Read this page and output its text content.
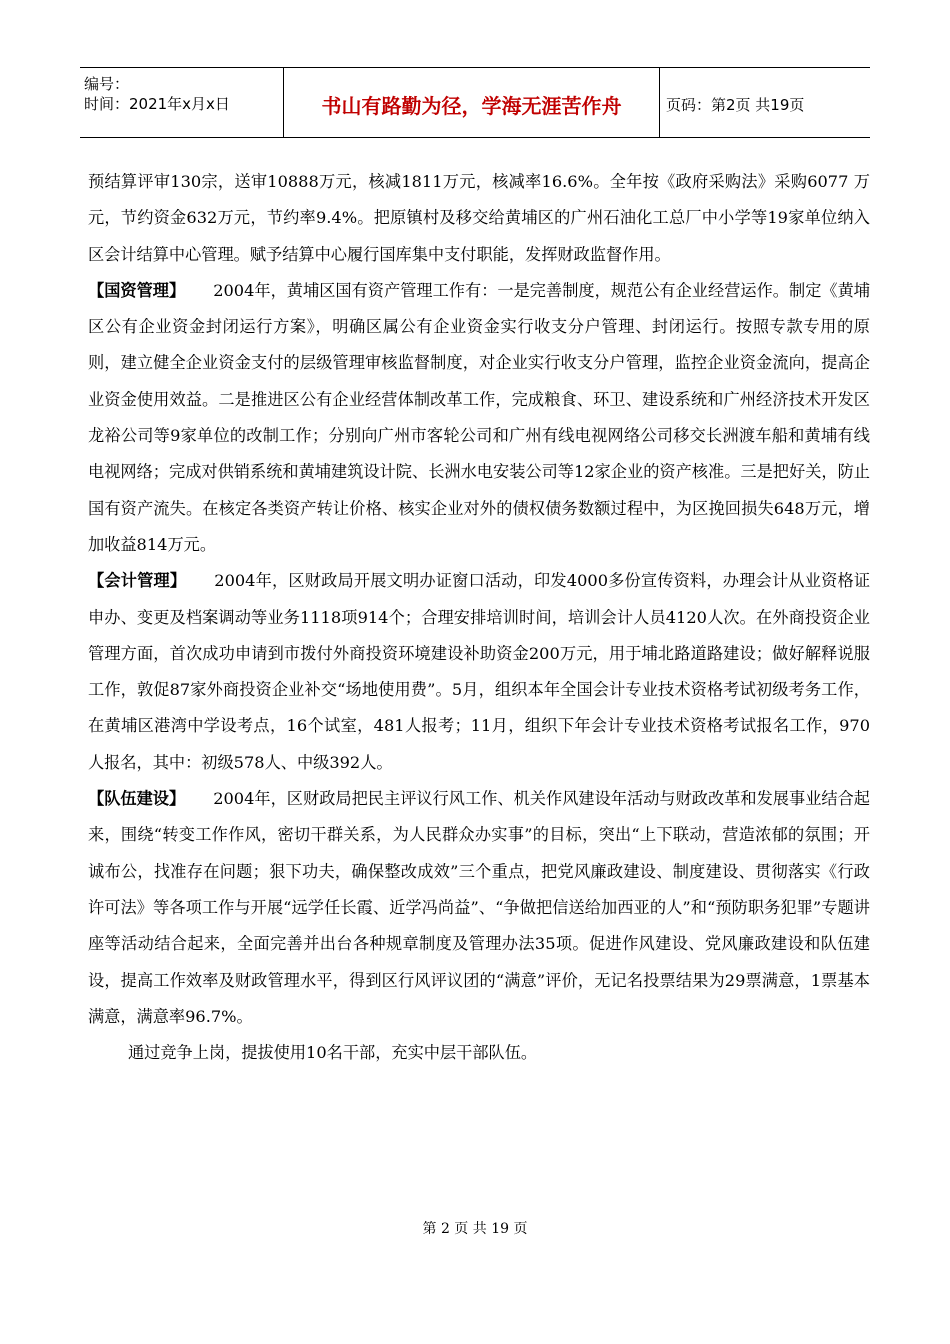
编号：
时间：2021年x月x日	书山有路勤为径，学海无涯苦作舟	页码：第2页 共19页

预结算评审130宗，送审10888万元，核减1811万元，核减率16.6%。全年按《政府采购法》采购6077 万元，节约资金632万元，节约率9.4%。把原镇村及移交给黄埔区的广州石油化工总厂中小学等19家单位纳入区会计结算中心管理。赋予结算中心履行国库集中支付职能，发挥财政监督作用。

【国资管理】 2004年，黄埔区国有资产管理工作有：一是完善制度，规范公有企业经营运作。制定《黄埔区公有企业资金封闭运行方案》，明确区属公有企业资金实行收支分户管理、封闭运行。按照专款专用的原则，建立健全企业资金支付的层级管理审核监督制度，对企业实行收支分户管理，监控企业资金流向，提高企业资金使用效益。二是推进区公有企业经营体制改革工作，完成粮食、环卫、建设系统和广州经济技术开发区龙裕公司等9家单位的改制工作；分别向广州市客轮公司和广州有线电视网络公司移交长洲渡车船和黄埔有线电视网络；完成对供销系统和黄埔建筑设计院、长洲水电安装公司等12家企业的资产核准。三是把好关，防止国有资产流失。在核定各类资产转让价格、核实企业对外的债权债务数额过程中，为区挽回损失648万元，增加收益814万元。

【会计管理】 2004年，区财政局开展文明办证窗口活动，印发4000多份宣传资料，办理会计从业资格证申办、变更及档案调动等业务1118项914个；合理安排培训时间，培训会计人员4120人次。在外商投资企业管理方面，首次成功申请到市拨付外商投资环境建设补助资金200万元，用于埔北路道路建设；做好解释说服工作，敦促87家外商投资企业补交“场地使用费”。5月，组织本年全国会计专业技术资格考试初级考务工作，在黄埔区港湾中学设考点，16个试室，481人报考；11月，组织下年会计专业技术资格考试报名工作，970人报名，其中：初级578人、中级392人。

【队伍建设】 2004年，区财政局把民主评议行风工作、机关作风建设年活动与财政改革和发展事业结合起来，围绕“转变工作作风，密切干群关系，为人民群众办实事”的目标，突出“上下联动，营造浓郁的氛围；开诚布公，找准存在问题；狠下功夫，确保整改成效”三个重点，把党风廉政建设、制度建设、贯彻落实《行政许可法》等各项工作与开展“远学任长霞、近学冯尚益”、“争做把信送给加西亚的人”和“预防职务犯罪”专题讲座等活动结合起来，全面完善并出台各种规章制度及管理办法35项。促进作风建设、党风廉政建设和队伍建设，提高工作效率及财政管理水平，得到区行风评议团的“满意”评价，无记名投票结果为29票满意，1票基本满意，满意率96.7%。

通过竞争上岗，提拔使用10名干部，充实中层干部队伍。

第 2 页 共 19 页
